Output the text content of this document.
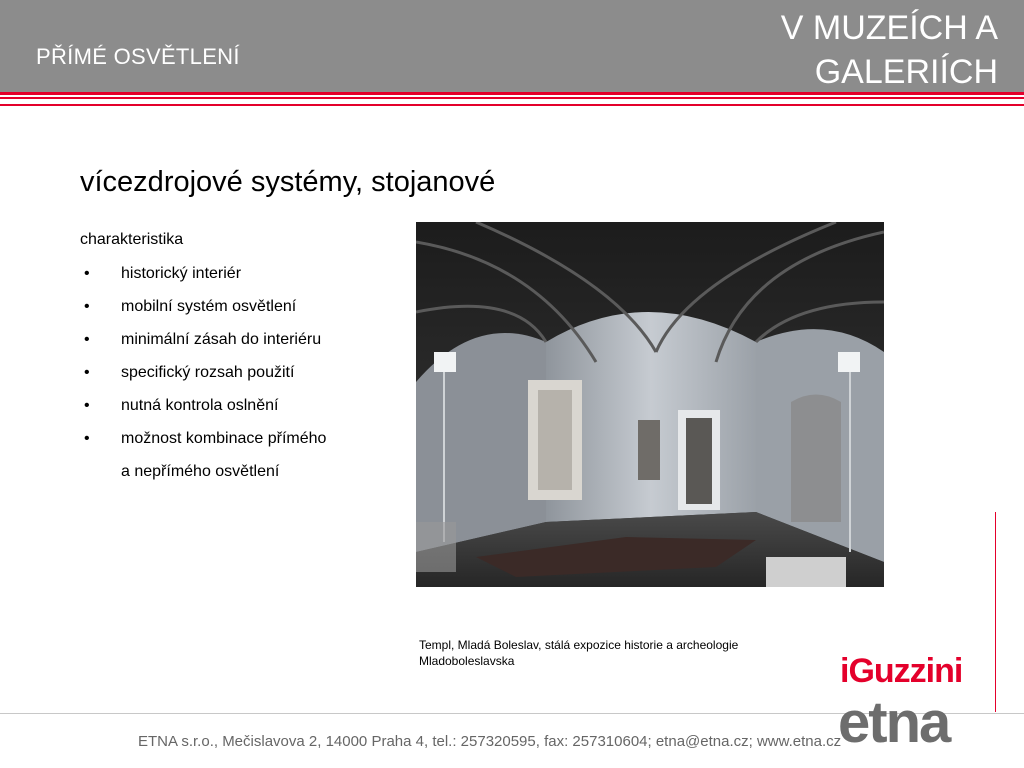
PŘÍMÉ OSVĚTLENÍ
V MUZEÍCH A
GALERIÍCH
vícezdrojové systémy, stojanové
charakteristika
• historický interiér
• mobilní systém osvětlení
• minimální zásah do interiéru
• specifický rozsah použití
• nutná kontrola oslnění
• možnost kombinace přímého
a nepřímého osvětlení
Templ, Mladá Boleslav, stálá expozice historie a archeologie
Mladoboleslavska
ETNA s.r.o., Mečislavova 2, 14000 Praha 4, tel.: 257320595, fax: 257310604; etna@etna.cz; www.etna.cz
iGuzzini
etna
